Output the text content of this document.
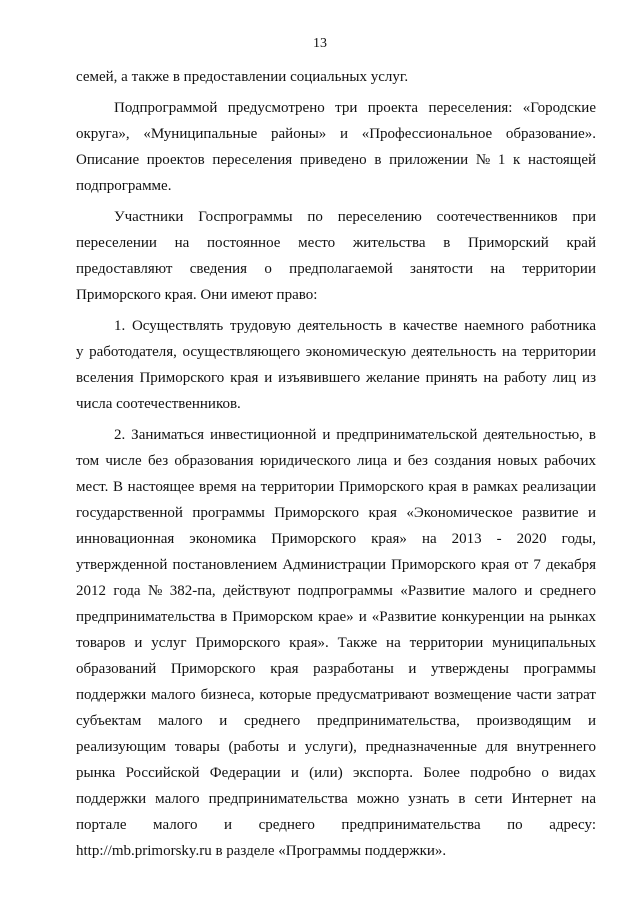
13
семей, а также в предоставлении социальных услуг.
Подпрограммой предусмотрено три проекта переселения: «Городские
округа», «Муниципальные районы» и «Профессиональное образование».
Описание проектов переселения приведено в приложении № 1 к настоящей
подпрограмме.
Участники Госпрограммы по переселению соотечественников при
переселении на постоянное место жительства в Приморский край
предоставляют сведения о предполагаемой занятости на территории
Приморского края. Они имеют право:
1. Осуществлять трудовую деятельность в качестве наемного работника
у работодателя, осуществляющего экономическую деятельность на территории
вселения Приморского края и изъявившего желание принять на работу лиц из
числа соотечественников.
2. Заниматься инвестиционной и предпринимательской деятельностью, в
том числе без образования юридического лица и без создания новых рабочих
мест. В настоящее время на территории Приморского края в рамках реализации
государственной программы Приморского края «Экономическое развитие и
инновационная экономика Приморского края» на 2013 - 2020 годы,
утвержденной постановлением Администрации Приморского края от 7 декабря
2012 года № 382-па, действуют подпрограммы «Развитие малого и среднего
предпринимательства в Приморском крае» и «Развитие конкуренции на рынках
товаров и услуг Приморского края». Также на территории муниципальных
образований Приморского края разработаны и утверждены программы
поддержки малого бизнеса, которые предусматривают возмещение части затрат
субъектам малого и среднего предпринимательства, производящим и
реализующим товары (работы и услуги), предназначенные для внутреннего
рынка Российской Федерации и (или) экспорта. Более подробно о видах
поддержки малого предпринимательства можно узнать в сети Интернет на
портале малого и среднего предпринимательства по адресу:
http://mb.primorsky.ru в разделе «Программы поддержки».
